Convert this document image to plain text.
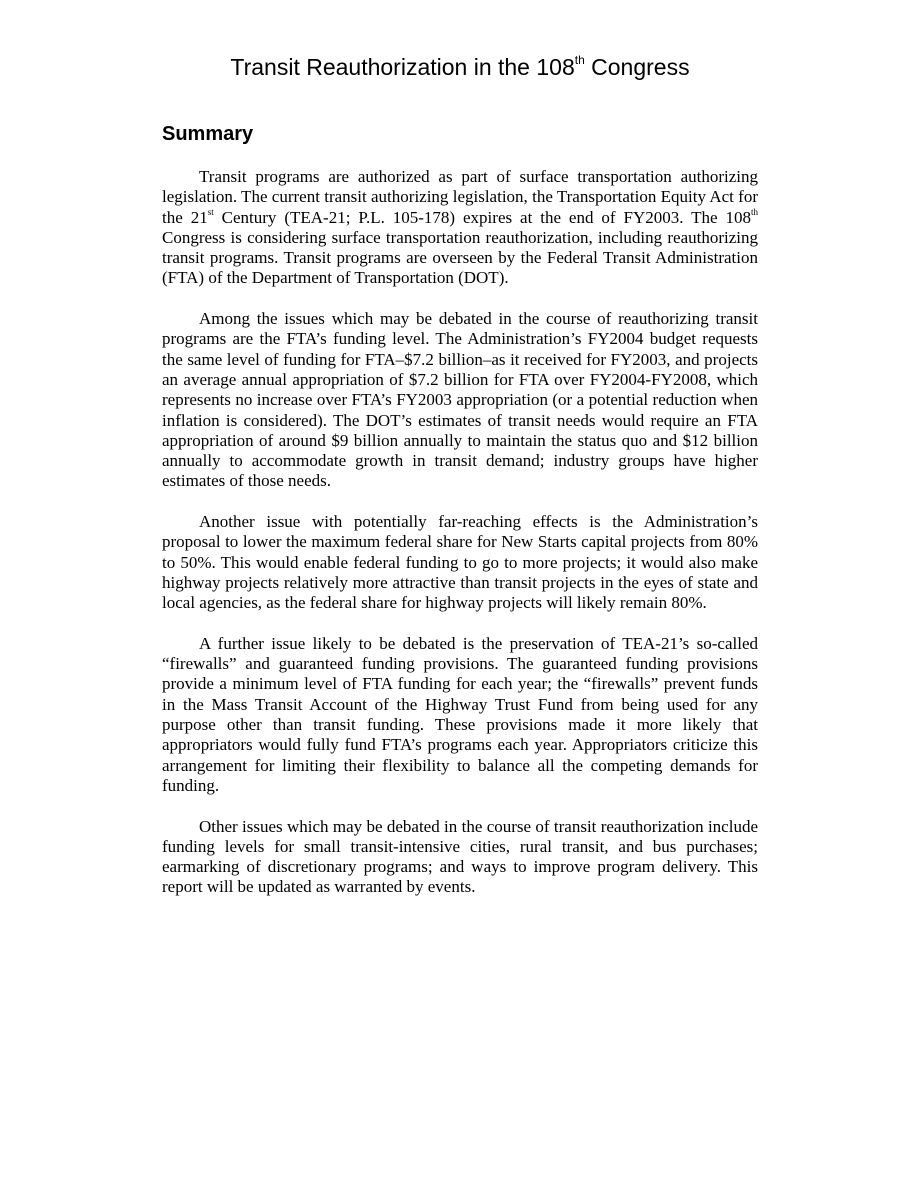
Transit Reauthorization in the 108th Congress
Summary

Transit programs are authorized as part of surface transportation authorizing legislation. The current transit authorizing legislation, the Transportation Equity Act for the 21st Century (TEA-21; P.L. 105-178) expires at the end of FY2003. The 108th Congress is considering surface transportation reauthorization, including reauthorizing transit programs. Transit programs are overseen by the Federal Transit Administration (FTA) of the Department of Transportation (DOT).

Among the issues which may be debated in the course of reauthorizing transit programs are the FTA’s funding level. The Administration’s FY2004 budget requests the same level of funding for FTA–$7.2 billion–as it received for FY2003, and projects an average annual appropriation of $7.2 billion for FTA over FY2004-FY2008, which represents no increase over FTA’s FY2003 appropriation (or a potential reduction when inflation is considered). The DOT’s estimates of transit needs would require an FTA appropriation of around $9 billion annually to maintain the status quo and $12 billion annually to accommodate growth in transit demand; industry groups have higher estimates of those needs.

Another issue with potentially far-reaching effects is the Administration’s proposal to lower the maximum federal share for New Starts capital projects from 80% to 50%. This would enable federal funding to go to more projects; it would also make highway projects relatively more attractive than transit projects in the eyes of state and local agencies, as the federal share for highway projects will likely remain 80%.

A further issue likely to be debated is the preservation of TEA-21’s so-called “firewalls” and guaranteed funding provisions. The guaranteed funding provisions provide a minimum level of FTA funding for each year; the “firewalls” prevent funds in the Mass Transit Account of the Highway Trust Fund from being used for any purpose other than transit funding. These provisions made it more likely that appropriators would fully fund FTA’s programs each year. Appropriators criticize this arrangement for limiting their flexibility to balance all the competing demands for funding.

Other issues which may be debated in the course of transit reauthorization include funding levels for small transit-intensive cities, rural transit, and bus purchases; earmarking of discretionary programs; and ways to improve program delivery. This report will be updated as warranted by events.
